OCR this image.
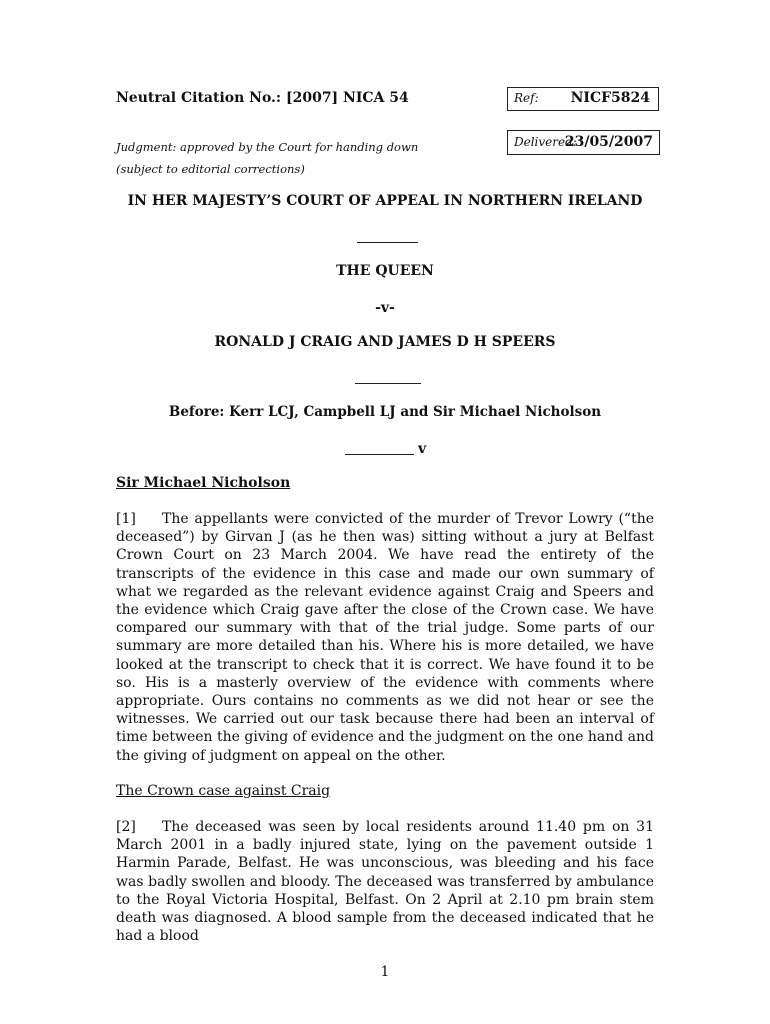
Neutral Citation No.: [2007] NICA 54	Ref: NICF5824
Judgment: approved by the Court for handing down
(subject to editorial corrections)
Delivered:
23/05/2007
IN HER MAJESTY’S COURT OF APPEAL IN NORTHERN IRELAND
THE QUEEN
-v-
RONALD J CRAIG AND JAMES D H SPEERS
Before: Kerr LCJ, Campbell LJ and Sir Michael Nicholson
v
Sir Michael Nicholson
[1] The appellants were convicted of the murder of Trevor Lowry (“the deceased”) by Girvan J (as he then was) sitting without a jury at Belfast Crown Court on 23 March 2004. We have read the entirety of the transcripts of the evidence in this case and made our own summary of what we regarded as the relevant evidence against Craig and Speers and the evidence which Craig gave after the close of the Crown case. We have compared our summary with that of the trial judge. Some parts of our summary are more detailed than his. Where his is more detailed, we have looked at the transcript to check that it is correct. We have found it to be so. His is a masterly overview of the evidence with comments where appropriate. Ours contains no comments as we did not hear or see the witnesses. We carried out our task because there had been an interval of time between the giving of evidence and the judgment on the one hand and the giving of judgment on appeal on the other.
The Crown case against Craig
[2] The deceased was seen by local residents around 11.40 pm on 31 March 2001 in a badly injured state, lying on the pavement outside 1 Harmin Parade, Belfast. He was unconscious, was bleeding and his face was badly swollen and bloody. The deceased was transferred by ambulance to the Royal Victoria Hospital, Belfast. On 2 April at 2.10 pm brain stem death was diagnosed. A blood sample from the deceased indicated that he had a blood
1
